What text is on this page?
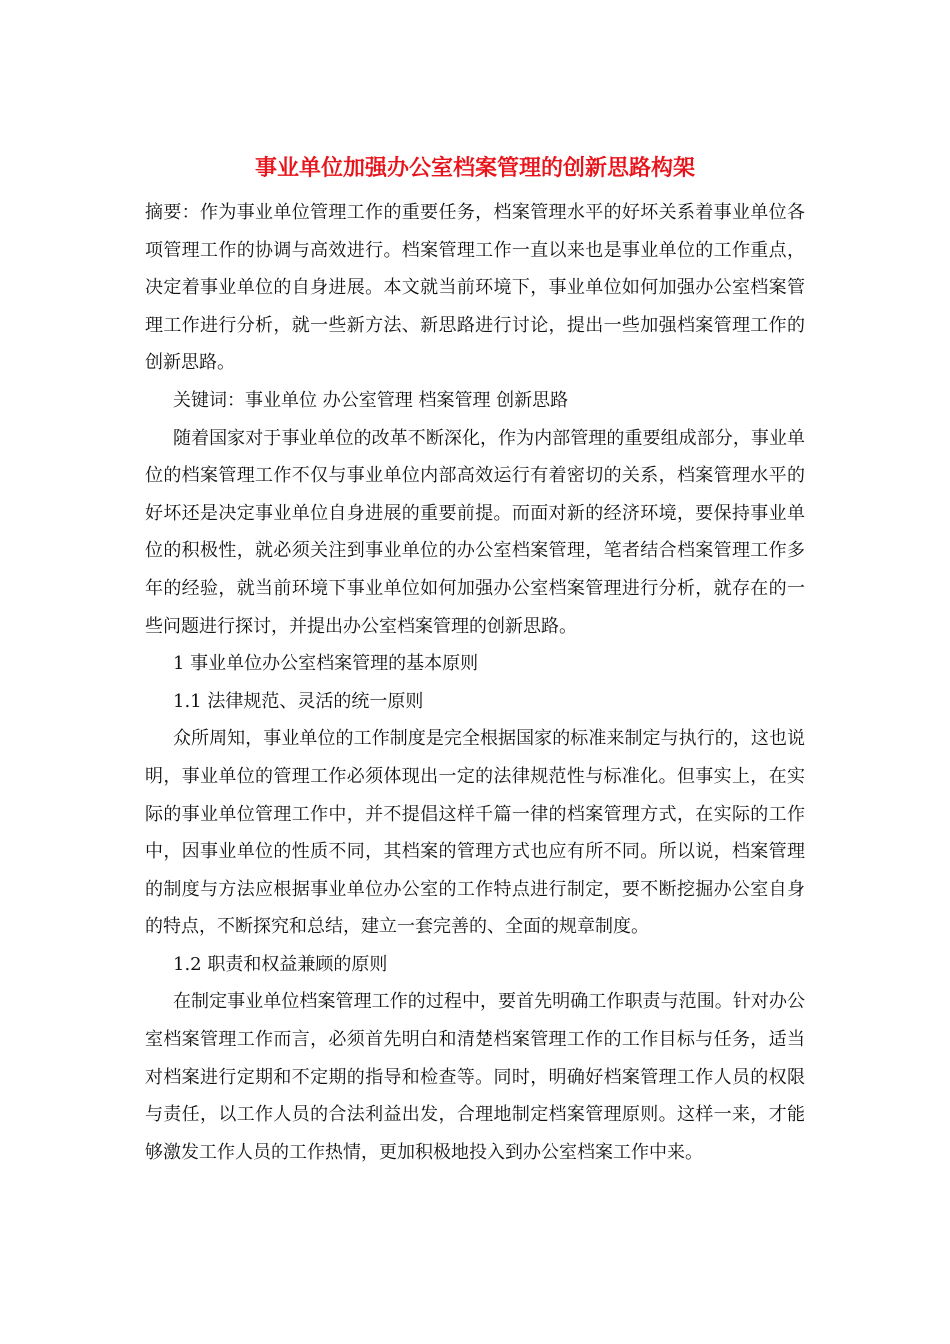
事业单位加强办公室档案管理的创新思路构架

摘要：作为事业单位管理工作的重要任务，档案管理水平的好坏关系着事业单位各项管理工作的协调与高效进行。档案管理工作一直以来也是事业单位的工作重点，决定着事业单位的自身进展。本文就当前环境下，事业单位如何加强办公室档案管理工作进行分析，就一些新方法、新思路进行讨论，提出一些加强档案管理工作的创新思路。

关键词：事业单位 办公室管理 档案管理 创新思路

随着国家对于事业单位的改革不断深化，作为内部管理的重要组成部分，事业单位的档案管理工作不仅与事业单位内部高效运行有着密切的关系，档案管理水平的好坏还是决定事业单位自身进展的重要前提。而面对新的经济环境，要保持事业单位的积极性，就必须关注到事业单位的办公室档案管理，笔者结合档案管理工作多年的经验，就当前环境下事业单位如何加强办公室档案管理进行分析，就存在的一些问题进行探讨，并提出办公室档案管理的创新思路。

1 事业单位办公室档案管理的基本原则

1.1 法律规范、灵活的统一原则

众所周知，事业单位的工作制度是完全根据国家的标准来制定与执行的，这也说明，事业单位的管理工作必须体现出一定的法律规范性与标准化。但事实上，在实际的事业单位管理工作中，并不提倡这样千篇一律的档案管理方式，在实际的工作中，因事业单位的性质不同，其档案的管理方式也应有所不同。所以说，档案管理的制度与方法应根据事业单位办公室的工作特点进行制定，要不断挖掘办公室自身的特点，不断探究和总结，建立一套完善的、全面的规章制度。

1.2 职责和权益兼顾的原则

在制定事业单位档案管理工作的过程中，要首先明确工作职责与范围。针对办公室档案管理工作而言，必须首先明白和清楚档案管理工作的工作目标与任务，适当对档案进行定期和不定期的指导和检查等。同时，明确好档案管理工作人员的权限与责任，以工作人员的合法利益出发，合理地制定档案管理原则。这样一来，才能够激发工作人员的工作热情，更加积极地投入到办公室档案工作中来。
